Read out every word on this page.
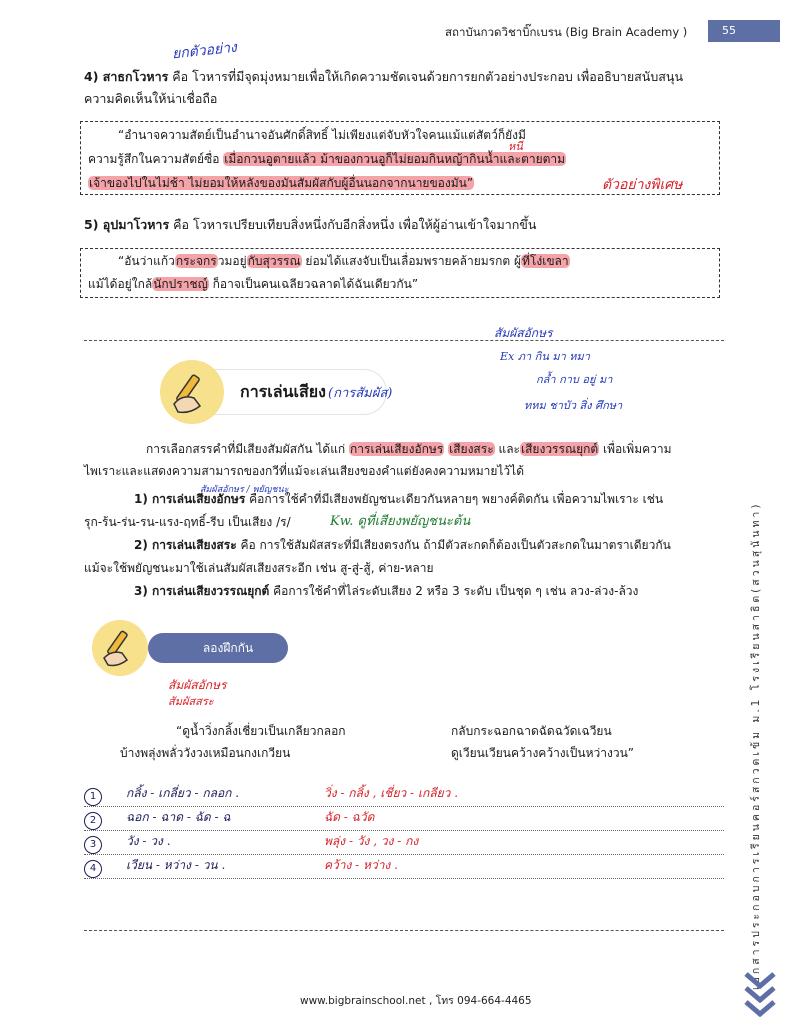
สถาบันกวดวิชาบิ๊กเบรน (Big Brain Academy )	55
ยกตัวอย่าง
4) สาธกโวหาร คือ โวหารที่มีจุดมุ่งหมายเพื่อให้เกิดความชัดเจนด้วยการยกตัวอย่างประกอบ เพื่ออธิบายสนับสนุน
ความคิดเห็นให้น่าเชื่อถือ
“อำนาจความสัตย์เป็นอำนาจอันศักดิ์สิทธิ์ ไม่เพียงแต่จับหัวใจคนแม้แต่สัตว์ก็ยังมี
ความรู้สึกในความสัตย์ซื่อ เมื่อกวนอูตายแล้ว ม้าของกวนอูก็ไม่ยอมกินหญ้ากินน้ำและตายตาม
เจ้าของไปในไม่ช้า ไม่ยอมให้หลังของมันสัมผัสกับผู้อื่นนอกจากนายของมัน”
หนี
ตัวอย่างพิเศษ
5) อุปมาโวหาร คือ โวหารเปรียบเทียบสิ่งหนึ่งกับอีกสิ่งหนึ่ง เพื่อให้ผู้อ่านเข้าใจมากขึ้น
“อันว่าแก้วกระจกรวมอยู่กับสุวรรณ ย่อมได้แสงจับเป็นเลื่อมพรายคล้ายมรกต ผู้ที่โง่เขลา
แม้ได้อยู่ใกล้นักปราชญ์ ก็อาจเป็นคนเฉลียวฉลาดได้ฉันเดียวกัน”
สัมผัสอักษร
Ex ภา กิน มา หมา
กล้ำ กาบ อยู่ มา
ทหม ชาบัว สิ่ง ศึกษา
การเล่นเสียง (การสัมผัส)
การเลือกสรรคำที่มีเสียงสัมผัสกัน ได้แก่ การเล่นเสียงอักษร เสียงสระ และเสียงวรรณยุกต์ เพื่อเพิ่มความ
ไพเราะและแสดงความสามารถของกวีที่แม้จะเล่นเสียงของคำแต่ยังคงความหมายไว้ได้
สัมผัสอักษร / พยัญชนะ
1) การเล่นเสียงอักษร คือการใช้คำที่มีเสียงพยัญชนะเดียวกันหลายๆ พยางค์ติดกัน เพื่อความไพเราะ เช่น
รุก-ร้น-ร่น-รน-แรง-ฤทธิ์-รีบ เป็นเสียง /ร/
2) การเล่นเสียงสระ คือ การใช้สัมผัสสระที่มีเสียงตรงกัน ถ้ามีตัวสะกดก็ต้องเป็นตัวสะกดในมาตราเดียวกัน
แม้จะใช้พยัญชนะมาใช้เล่นสัมผัสเสียงสระอีก เช่น สู-สู่-สู้, ค่าย-หลาย
3) การเล่นเสียงวรรณยุกต์ คือการใช้คำที่ไล่ระดับเสียง 2 หรือ 3 ระดับ เป็นชุด ๆ เช่น ลวง-ล่วง-ล้วง
Kw. ดูที่เสียงพยัญชนะต้น
ลองฝึกกัน
สัมผัสอักษร
สัมผัสสระ
“ดูน้ำวิ่งกลิ้งเชี่ยวเป็นเกลียวกลอก	กลับกระฉอกฉาดฉัดฉวัดเฉวียน
บ้างพลุ่งพลั่ววังวงเหมือนกงเกวียน	ดูเวียนเวียนคว้างคว้างเป็นหว่างวน”
1 กลิ้ง - เกลี่ยว - กลอก .	วิ่ง - กลิ้ง , เชี่ยว - เกลียว .
2 ฉอก - ฉาด - ฉัด - ฉ	ฉัด - ฉวัด
3 วัง - วง .	พลุ่ง - วัง , วง - กง
4 เวียน - หว่าง - วน .	คว้าง - หว่าง .	เอกสารประกอบการเรียนคอร์สกวดเข้ม ม.1 โรงเรียนสาธิต(สวนสุนันทา)
www.bigbrainschool.net , โทร 094-664-4465
